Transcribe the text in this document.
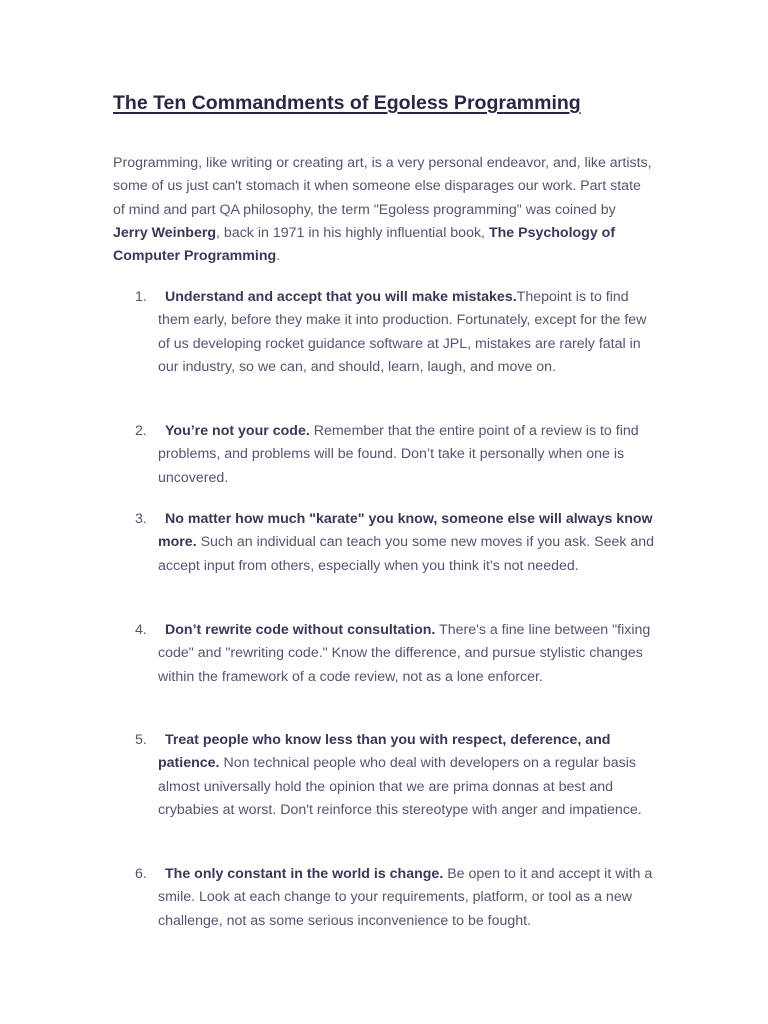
The Ten Commandments of Egoless Programming

Programming, like writing or creating art, is a very personal endeavor, and, like artists, some of us just can't stomach it when someone else disparages our work. Part state of mind and part QA philosophy, the term "Egoless programming" was coined by Jerry Weinberg, back in 1971 in his highly influential book, The Psychology of Computer Programming.

1.	Understand and accept that you will make mistakes.Thepoint is to find them early, before they make it into production. Fortunately, except for the few of us developing rocket guidance software at JPL, mistakes are rarely fatal in our industry, so we can, and should, learn, laugh, and move on.

2.	You’re not your code. Remember that the entire point of a review is to find problems, and problems will be found. Don’t take it personally when one is uncovered.

3.	No matter how much "karate" you know, someone else will always know more. Such an individual can teach you some new moves if you ask. Seek and accept input from others, especially when you think it's not needed.

4.	Don’t rewrite code without consultation. There's a fine line between "fixing code" and "rewriting code." Know the difference, and pursue stylistic changes within the framework of a code review, not as a lone enforcer.

5.	Treat people who know less than you with respect, deference, and patience. Non technical people who deal with developers on a regular basis almost universally hold the opinion that we are prima donnas at best and crybabies at worst. Don't reinforce this stereotype with anger and impatience.

6.	The only constant in the world is change. Be open to it and accept it with a smile. Look at each change to your requirements, platform, or tool as a new challenge, not as some serious inconvenience to be fought.
